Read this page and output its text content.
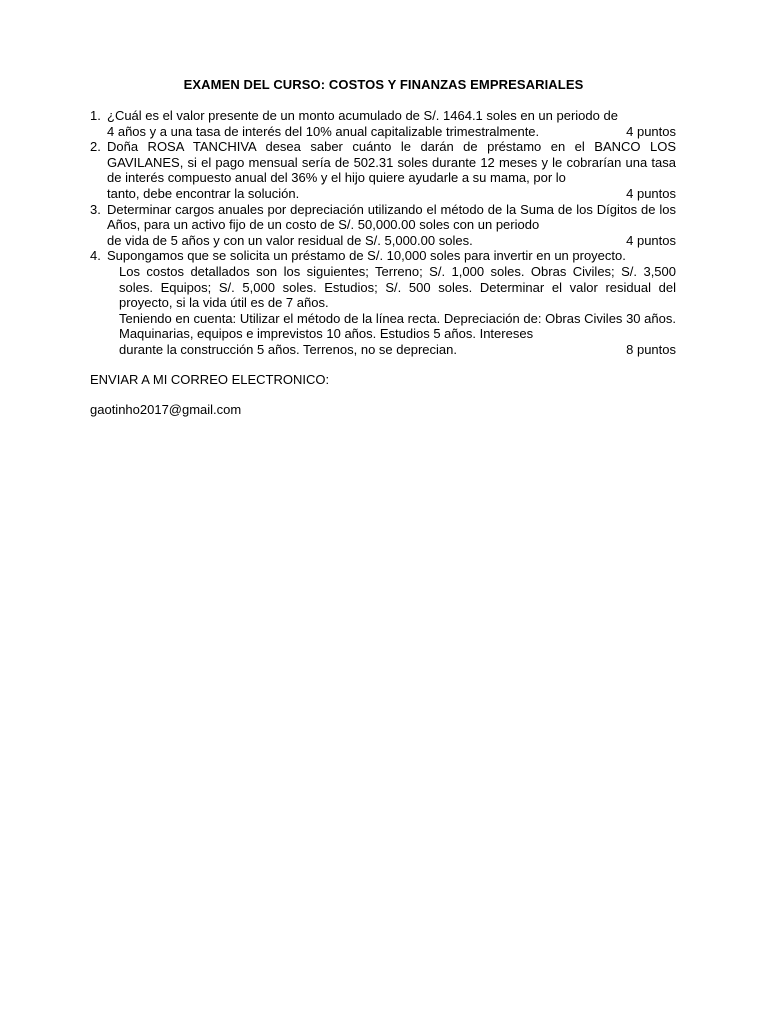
EXAMEN DEL CURSO: COSTOS Y FINANZAS EMPRESARIALES
1. ¿Cuál es el valor presente de un monto acumulado de S/. 1464.1 soles en un periodo de
4 años y a una tasa de interés del 10% anual capitalizable trimestralmente.	4 puntos
2. Doña ROSA TANCHIVA desea saber cuánto le darán de préstamo en el BANCO LOS GAVILANES, si el pago mensual sería de 502.31 soles durante 12 meses y le cobrarían una tasa de interés compuesto anual del 36% y el hijo quiere ayudarle a su mama, por lo
tanto, debe encontrar la solución.	4 puntos
3. Determinar cargos anuales por depreciación utilizando el método de la Suma de los Dígitos de los Años, para un activo fijo de un costo de S/. 50,000.00 soles con un periodo
de vida de 5 años y con un valor residual de S/. 5,000.00 soles.	4 puntos
4. Supongamos que se solicita un préstamo de S/. 10,000 soles para invertir en un proyecto.
Los costos detallados son los siguientes; Terreno; S/. 1,000 soles. Obras Civiles; S/. 3,500 soles. Equipos; S/. 5,000 soles. Estudios; S/. 500 soles. Determinar el valor residual del proyecto, si la vida útil es de 7 años.
Teniendo en cuenta: Utilizar el método de la línea recta. Depreciación de: Obras Civiles 30 años. Maquinarias, equipos e imprevistos 10 años. Estudios 5 años. Intereses
durante la construcción 5 años. Terrenos, no se deprecian.	8 puntos
ENVIAR A MI CORREO ELECTRONICO:
gaotinho2017@gmail.com
